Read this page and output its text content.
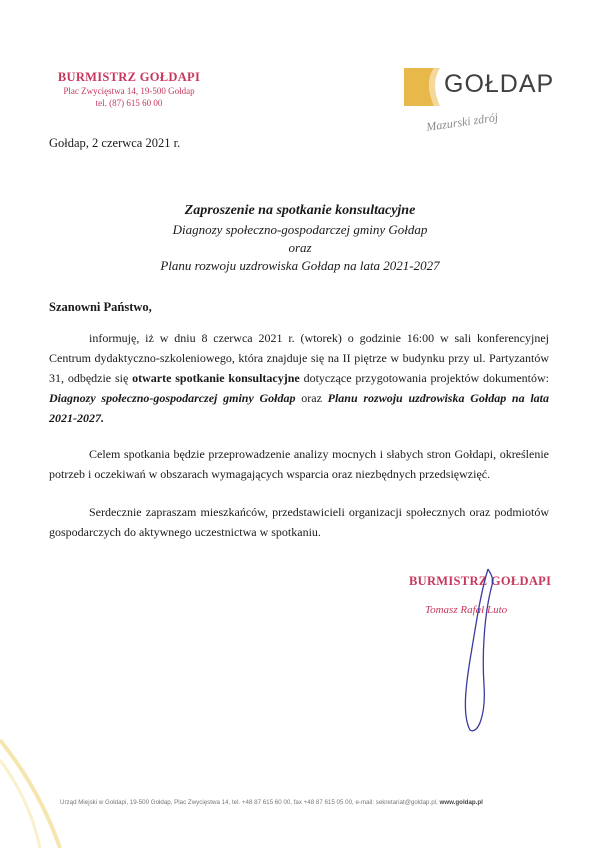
BURMISTRZ GOŁDAPI
Plac Zwycięstwa 14, 19-500 Gołdap
tel. (87) 615 60 00
GOŁDAP
Mazurski zdrój
Gołdap, 2 czerwca 2021 r.
Zaproszenie na spotkanie konsultacyjne
Diagnozy społeczno-gospodarczej gminy Gołdap
oraz
Planu rozwoju uzdrowiska Gołdap na lata 2021-2027
Szanowni Państwo,
informuję, iż w dniu 8 czerwca 2021 r. (wtorek) o godzinie 16:00 w sali konferencyjnej Centrum dydaktyczno-szkoleniowego, która znajduje się na II piętrze w budynku przy ul. Partyzantów 31, odbędzie się otwarte spotkanie konsultacyjne dotyczące przygotowania projektów dokumentów: Diagnozy społeczno-gospodarczej gminy Gołdap oraz Planu rozwoju uzdrowiska Gołdap na lata 2021-2027.
Celem spotkania będzie przeprowadzenie analizy mocnych i słabych stron Gołdapi, określenie potrzeb i oczekiwań w obszarach wymagających wsparcia oraz niezbędnych przedsięwzięć.
Serdecznie zapraszam mieszkańców, przedstawicieli organizacji społecznych oraz podmiotów gospodarczych do aktywnego uczestnictwa w spotkaniu.
BURMISTRZ GOŁDAPI
Tomasz Rafał Luto
Urząd Miejski w Gołdapi, 19-500 Gołdap, Plac Zwycięstwa 14, tel. +48 87 615 60 00, fax +48 87 615 05 00, e-mail: sekretariat@goldap.pl, www.goldap.pl
